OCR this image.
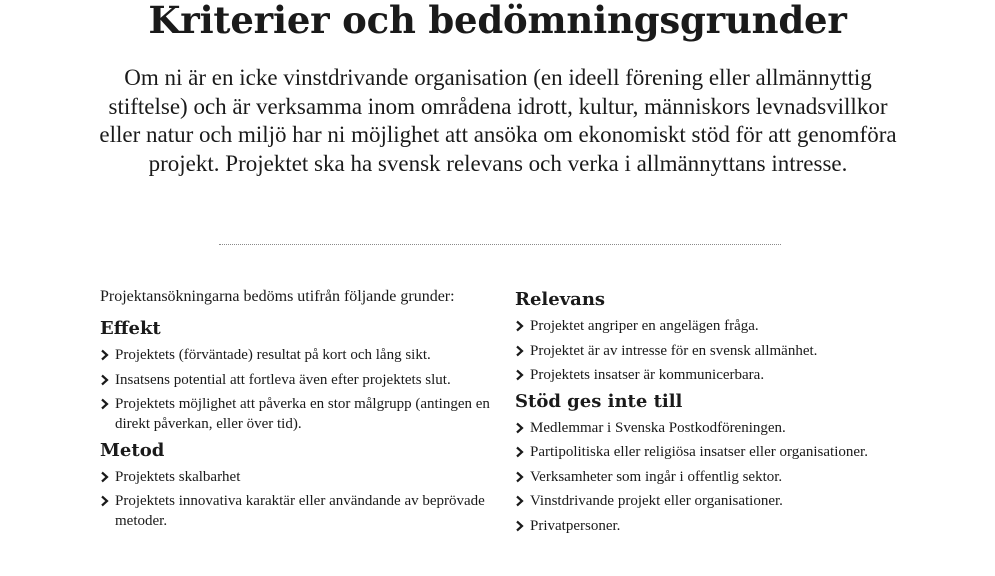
Kriterier och bedömningsgrunder

Om ni är en icke vinstdrivande organisation (en ideell förening eller allmännyttig stiftelse) och är verksamma inom områdena idrott, kultur, människors levnadsvillkor eller natur och miljö har ni möjlighet att ansöka om ekonomiskt stöd för att genomföra projekt. Projektet ska ha svensk relevans och verka i allmännyttans intresse.

Projektansökningarna bedöms utifrån följande grunder:

Effekt
Projektets (förväntade) resultat på kort och lång sikt.
Insatsens potential att fortleva även efter projektets slut.
Projektets möjlighet att påverka en stor målgrupp (antingen en direkt påverkan, eller över tid).
Metod
Projektets skalbarhet
Projektets innovativa karaktär eller användande av beprövade metoder.
Relevans
Projektet angriper en angelägen fråga.
Projektet är av intresse för en svensk allmänhet.
Projektets insatser är kommunicerbara.
Stöd ges inte till
Medlemmar i Svenska Postkodföreningen.
Partipolitiska eller religiösa insatser eller organisationer.
Verksamheter som ingår i offentlig sektor.
Vinstdrivande projekt eller organisationer.
Privatpersoner.
